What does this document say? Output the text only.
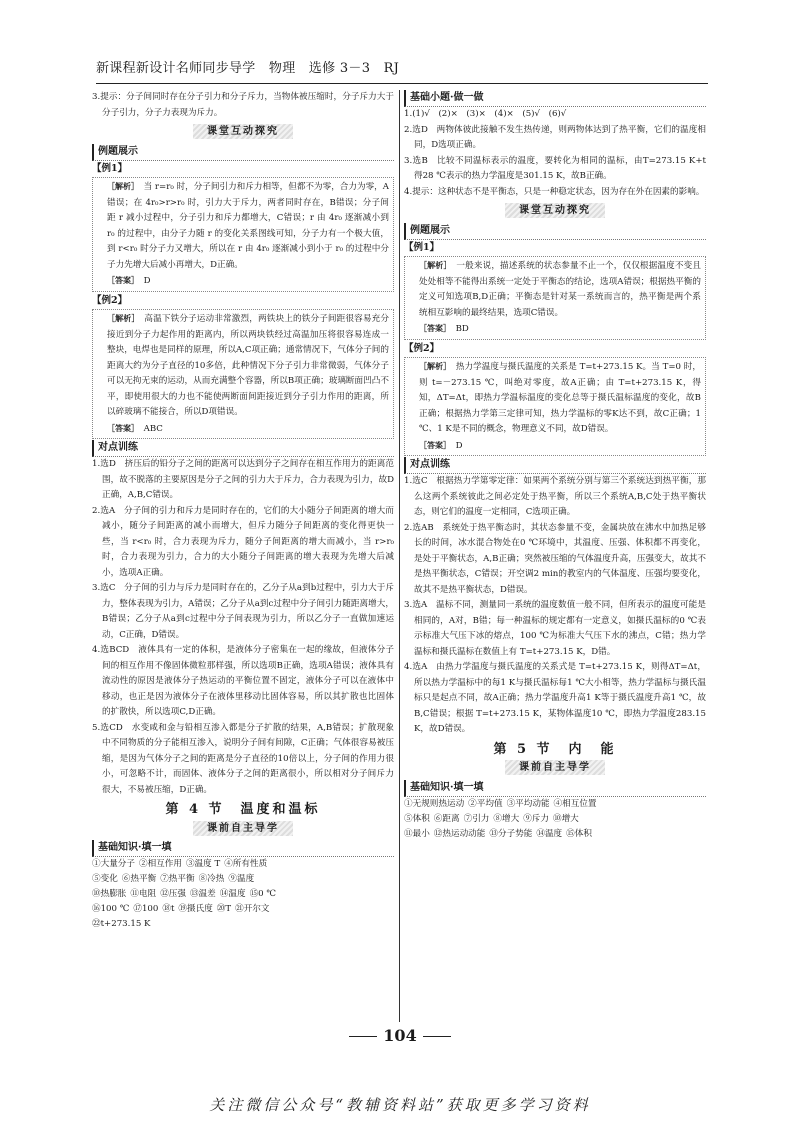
新课程新设计名师同步导学　物理　选修 3－3　RJ
3.提示：分子间同时存在分子引力和分子斥力，当物体被压缩时，分子斥力大于分子引力，分子力表现为斥力。
课堂互动探究
例题展示
【例1】
［解析］　 当 r=r₀ 时，分子间引力和斥力相等，但都不为零，合力为零，A错误；在 4r₀>r>r₀ 时，引力大于斥力，两者同时存在，B错误；分子间距 r 减小过程中，分子引力和斥力都增大，C错误；r 由 4r₀ 逐渐减小到 r₀ 的过程中，由分子力随 r 的变化关系图线可知，分子力有一个极大值，到 r<r₀ 时分子力又增大，所以在 r 由 4r₀ 逐渐减小到小于 r₀ 的过程中分子力先增大后减小再增大，D正确。
［答案］　 D
【例2】
［解析］　 高温下铁分子运动非常激烈，两铁块上的铁分子间距很容易充分接近到分子力起作用的距离内，所以两块铁经过高温加压将很容易连成一整块，电焊也是同样的原理，所以A,C项正确；通常情况下，气体分子间的距离大约为分子直径的10多倍，此种情况下分子引力非常微弱，气体分子可以无拘无束的运动，从而充满整个容器，所以B项正确；玻璃断面凹凸不平，即使用很大的力也不能使两断面间距接近到分子引力作用的距离，所以碎玻璃不能接合，所以D项错误。
［答案］　 ABC
对点训练
1.选D　挤压后的铅分子之间的距离可以达到分子之间存在相互作用力的距离范围，故不脱落的主要原因是分子之间的引力大于斥力，合力表现为引力，故D正确，A,B,C错误。
2.选A　分子间的引力和斥力是同时存在的，它们的大小随分子间距离的增大而减小，随分子间距离的减小而增大，但斥力随分子间距离的变化得更快一些，当 r<r₀ 时，合力表现为斥力，随分子间距离的增大而减小，当 r>r₀ 时，合力表现为引力，合力的大小随分子间距离的增大表现为先增大后减小，选项A正确。
3.选C　分子间的引力与斥力是同时存在的，乙分子从a到b过程中，引力大于斥力，整体表现为引力，A错误；乙分子从a到c过程中分子间引力随距离增大，B错误；乙分子从a到c过程中分子间表现为引力，所以乙分子一直做加速运动，C正确，D错误。
4.选BCD　液体具有一定的体积，是液体分子密集在一起的缘故，但液体分子间的相互作用不像固体微粒那样强，所以选项B正确，选项A错误；液体具有流动性的原因是液体分子热运动的平衡位置不固定，液体分子可以在液体中移动，也正是因为液体分子在液体里移动比固体容易，所以其扩散也比固体的扩散快，所以选项C,D正确。
5.选CD　水变咸和金与铅相互渗入都是分子扩散的结果，A,B错误；扩散现象中不同物质的分子能相互渗入，说明分子间有间隙，C正确；气体很容易被压缩，是因为气体分子之间的距离是分子直径的10倍以上，分子间的作用力很小，可忽略不计，而固体、液体分子之间的距离很小，所以相对分子间斥力很大，不易被压缩，D正确。
第 4 节　温度和温标
课前自主导学
基础知识·填一填
①大量分子 ②相互作用 ③温度 T ④所有性质
⑤变化 ⑥热平衡 ⑦热平衡 ⑧冷热 ⑨温度
⑩热膨胀 ⑪电阻 ⑫压强 ⑬温差 ⑭温度 ⑮0 ℃
⑯100 ℃ ⑰100 ⑱t ⑲摄氏度 ⑳T ㉑开尔文
㉒t+273.15 K
基础小题·做一做
1.(1)√　(2)×　(3)×　(4)×　(5)√　(6)√
2.选D　两物体彼此接触不发生热传递，则两物体达到了热平衡，它们的温度相同，D选项正确。
3.选B　比较不同温标表示的温度，要转化为相同的温标，由T=273.15 K+t 得28 ℃表示的热力学温度是301.15 K，故B正确。
4.提示：这种状态不是平衡态，只是一种稳定状态，因为存在外在因素的影响。
课堂互动探究
例题展示
【例1】
［解析］　 一般来说，描述系统的状态参量不止一个，仅仅根据温度不变且处处相等不能得出系统一定处于平衡态的结论，选项A错误；根据热平衡的定义可知选项B,D正确；平衡态是针对某一系统而言的，热平衡是两个系统相互影响的最终结果，选项C错误。
［答案］　 BD
【例2】
［解析］　 热力学温度与摄氏温度的关系是 T=t+273.15 K。当 T=0 时，则 t=－273.15 ℃，叫绝对零度，故A正确；由 T=t+273.15 K，得知，ΔT=Δt，即热力学温标温度的变化总等于摄氏温标温度的变化，故B正确；根据热力学第三定律可知，热力学温标的零K达不到，故C正确；1 ℃、1 K是不同的概念，物理意义不同，故D错误。
［答案］　 D
对点训练
1.选C　根据热力学第零定律：如果两个系统分别与第三个系统达到热平衡，那么这两个系统彼此之间必定处于热平衡，所以三个系统A,B,C处于热平衡状态，则它们的温度一定相同，C选项正确。
2.选AB　系统处于热平衡态时，其状态参量不变，金属块放在沸水中加热足够长的时间，冰水混合物处在0 ℃环境中，其温度、压强、体积都不再变化，是处于平衡状态，A,B正确；突然被压缩的气体温度升高，压强变大，故其不是热平衡状态，C错误；开空调2 min的教室内的气体温度、压强均要变化，故其不是热平衡状态，D错误。
3.选A　温标不同，测量同一系统的温度数值一般不同，但所表示的温度可能是相同的，A对，B错；每一种温标的规定都有一定意义，如摄氏温标的0 ℃表示标准大气压下冰的熔点，100 ℃为标准大气压下水的沸点，C错；热力学温标和摄氏温标在数值上有 T=t+273.15 K，D错。
4.选A　由热力学温度与摄氏温度的关系式是 T=t+273.15 K，则得ΔT=Δt，所以热力学温标中的每1 K与摄氏温标每1 ℃大小相等，热力学温标与摄氏温标只是起点不同，故A正确；热力学温度升高1 K等于摄氏温度升高1 ℃，故B,C错误；根据 T=t+273.15 K，某物体温度10 ℃，即热力学温度283.15 K，故D错误。
第 5 节　内　能
课前自主导学
基础知识·填一填
①无规则热运动 ②平均值 ③平均动能 ④相互位置
⑤体积 ⑥距离 ⑦引力 ⑧增大 ⑨斥力 ⑩增大
⑪最小 ⑫热运动动能 ⑬分子势能 ⑭温度 ⑮体积
104
关注微信公众号“教辅资料站”获取更多学习资料
